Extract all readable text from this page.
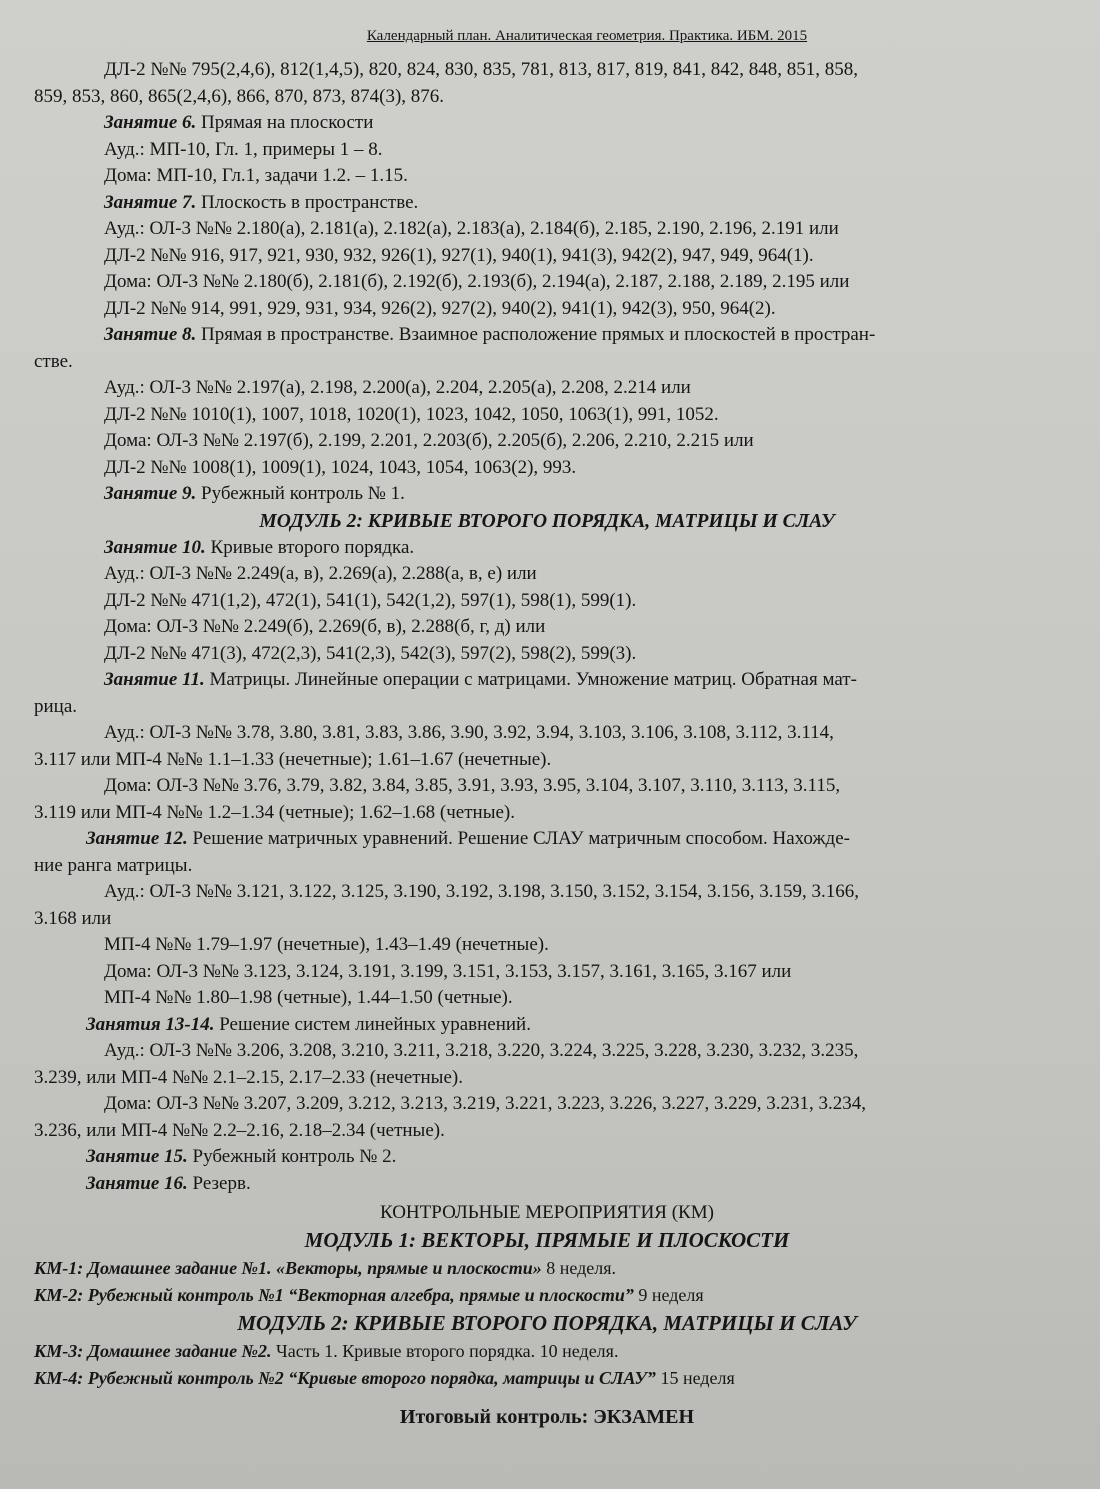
Календарный план. Аналитическая геометрия. Практика. ИБМ. 2015
ДЛ-2 №№ 795(2,4,6), 812(1,4,5), 820, 824, 830, 835, 781, 813, 817, 819, 841, 842, 848, 851, 858,
859, 853, 860, 865(2,4,6), 866, 870, 873, 874(3), 876.
Занятие 6. Прямая на плоскости
Ауд.: МП-10, Гл. 1, примеры 1 – 8.
Дома: МП-10, Гл.1, задачи 1.2. – 1.15.
Занятие 7. Плоскость в пространстве.
Ауд.: ОЛ-3 №№ 2.180(а), 2.181(а), 2.182(а), 2.183(а), 2.184(б), 2.185, 2.190, 2.196, 2.191 или
ДЛ-2 №№ 916, 917, 921, 930, 932, 926(1), 927(1), 940(1), 941(3), 942(2), 947, 949, 964(1).
Дома: ОЛ-3 №№ 2.180(б), 2.181(б), 2.192(б), 2.193(б), 2.194(а), 2.187, 2.188, 2.189, 2.195 или
ДЛ-2 №№ 914, 991, 929, 931, 934, 926(2), 927(2), 940(2), 941(1), 942(3), 950, 964(2).
Занятие 8. Прямая в пространстве. Взаимное расположение прямых и плоскостей в простран-
стве.
Ауд.: ОЛ-3 №№ 2.197(а), 2.198, 2.200(а), 2.204, 2.205(а), 2.208, 2.214 или
ДЛ-2 №№ 1010(1), 1007, 1018, 1020(1), 1023, 1042, 1050, 1063(1), 991, 1052.
Дома: ОЛ-3 №№ 2.197(б), 2.199, 2.201, 2.203(б), 2.205(б), 2.206, 2.210, 2.215 или
ДЛ-2 №№ 1008(1), 1009(1), 1024, 1043, 1054, 1063(2), 993.
Занятие 9. Рубежный контроль № 1.
МОДУЛЬ 2: КРИВЫЕ ВТОРОГО ПОРЯДКА, МАТРИЦЫ И СЛАУ
Занятие 10. Кривые второго порядка.
Ауд.: ОЛ-3 №№ 2.249(а, в), 2.269(а), 2.288(а, в, е) или
ДЛ-2 №№ 471(1,2), 472(1), 541(1), 542(1,2), 597(1), 598(1), 599(1).
Дома: ОЛ-3 №№ 2.249(б), 2.269(б, в), 2.288(б, г, д) или
ДЛ-2 №№ 471(3), 472(2,3), 541(2,3), 542(3), 597(2), 598(2), 599(3).
Занятие 11. Матрицы. Линейные операции с матрицами. Умножение матриц. Обратная мат-
рица.
Ауд.: ОЛ-3 №№ 3.78, 3.80, 3.81, 3.83, 3.86, 3.90, 3.92, 3.94, 3.103, 3.106, 3.108, 3.112, 3.114,
3.117 или МП-4 №№ 1.1–1.33 (нечетные); 1.61–1.67 (нечетные).
Дома: ОЛ-3 №№ 3.76, 3.79, 3.82, 3.84, 3.85, 3.91, 3.93, 3.95, 3.104, 3.107, 3.110, 3.113, 3.115,
3.119 или МП-4 №№ 1.2–1.34 (четные); 1.62–1.68 (четные).
Занятие 12. Решение матричных уравнений. Решение СЛАУ матричным способом. Нахожде-
ние ранга матрицы.
Ауд.: ОЛ-3 №№ 3.121, 3.122, 3.125, 3.190, 3.192, 3.198, 3.150, 3.152, 3.154, 3.156, 3.159, 3.166,
3.168 или
МП-4 №№ 1.79–1.97 (нечетные), 1.43–1.49 (нечетные).
Дома: ОЛ-3 №№ 3.123, 3.124, 3.191, 3.199, 3.151, 3.153, 3.157, 3.161, 3.165, 3.167 или
МП-4 №№ 1.80–1.98 (четные), 1.44–1.50 (четные).
Занятия 13-14. Решение систем линейных уравнений.
Ауд.: ОЛ-3 №№ 3.206, 3.208, 3.210, 3.211, 3.218, 3.220, 3.224, 3.225, 3.228, 3.230, 3.232, 3.235,
3.239, или МП-4 №№ 2.1–2.15, 2.17–2.33 (нечетные).
Дома: ОЛ-3 №№ 3.207, 3.209, 3.212, 3.213, 3.219, 3.221, 3.223, 3.226, 3.227, 3.229, 3.231, 3.234,
3.236, или МП-4 №№ 2.2–2.16, 2.18–2.34 (четные).
Занятие 15. Рубежный контроль № 2.
Занятие 16. Резерв.
КОНТРОЛЬНЫЕ МЕРОПРИЯТИЯ (КМ)
МОДУЛЬ 1: ВЕКТОРЫ, ПРЯМЫЕ И ПЛОСКОСТИ
КМ-1: Домашнее задание №1. «Векторы, прямые и плоскости» 8 неделя.
КМ-2: Рубежный контроль №1 “Векторная алгебра, прямые и плоскости” 9 неделя
МОДУЛЬ 2: КРИВЫЕ ВТОРОГО ПОРЯДКА, МАТРИЦЫ И СЛАУ
КМ-3: Домашнее задание №2. Часть 1. Кривые второго порядка. 10 неделя.
КМ-4: Рубежный контроль №2 “Кривые второго порядка, матрицы и СЛАУ” 15 неделя
Итоговый контроль: ЭКЗАМЕН
